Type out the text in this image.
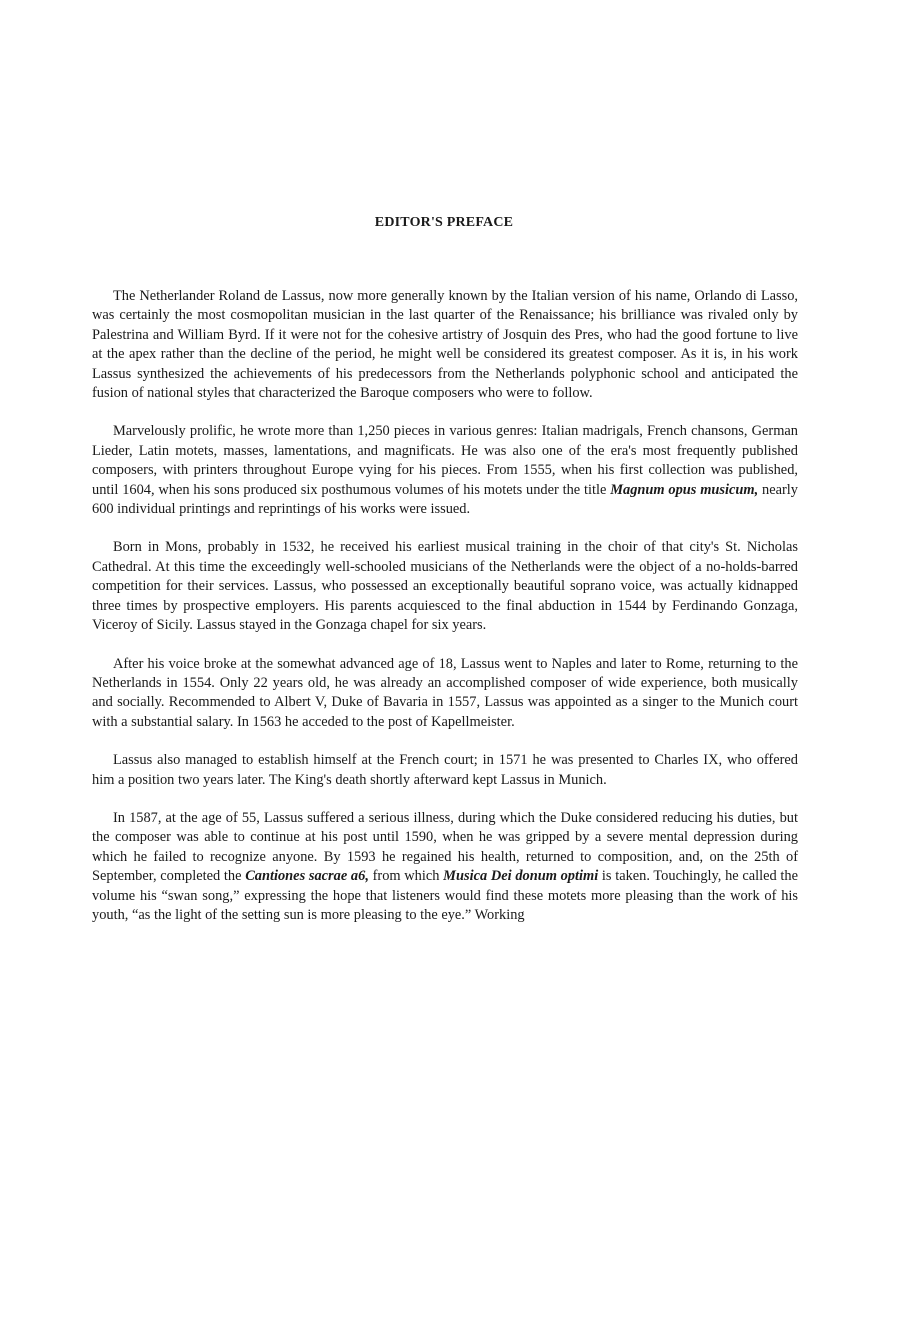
EDITOR'S PREFACE

The Netherlander Roland de Lassus, now more generally known by the Italian version of his name, Orlando di Lasso, was certainly the most cosmopolitan musician in the last quarter of the Renaissance; his brilliance was rivaled only by Palestrina and William Byrd. If it were not for the cohesive artistry of Josquin des Pres, who had the good fortune to live at the apex rather than the decline of the period, he might well be considered its greatest composer. As it is, in his work Lassus synthesized the achievements of his predecessors from the Netherlands polyphonic school and anticipated the fusion of national styles that characterized the Baroque composers who were to follow.

Marvelously prolific, he wrote more than 1,250 pieces in various genres: Italian madrigals, French chansons, German Lieder, Latin motets, masses, lamentations, and magnificats. He was also one of the era's most frequently published composers, with printers throughout Europe vying for his pieces. From 1555, when his first collection was published, until 1604, when his sons produced six posthumous volumes of his motets under the title Magnum opus musicum, nearly 600 individual printings and reprintings of his works were issued.

Born in Mons, probably in 1532, he received his earliest musical training in the choir of that city's St. Nicholas Cathedral. At this time the exceedingly well-schooled musicians of the Netherlands were the object of a no-holds-barred competition for their services. Lassus, who possessed an exceptionally beautiful soprano voice, was actually kidnapped three times by prospective employers. His parents acquiesced to the final abduction in 1544 by Ferdinando Gonzaga, Viceroy of Sicily. Lassus stayed in the Gonzaga chapel for six years.

After his voice broke at the somewhat advanced age of 18, Lassus went to Naples and later to Rome, returning to the Netherlands in 1554. Only 22 years old, he was already an accomplished composer of wide experience, both musically and socially. Recommended to Albert V, Duke of Bavaria in 1557, Lassus was appointed as a singer to the Munich court with a substantial salary. In 1563 he acceded to the post of Kapellmeister.

Lassus also managed to establish himself at the French court; in 1571 he was presented to Charles IX, who offered him a position two years later. The King's death shortly afterward kept Lassus in Munich.

In 1587, at the age of 55, Lassus suffered a serious illness, during which the Duke considered reducing his duties, but the composer was able to continue at his post until 1590, when he was gripped by a severe mental depression during which he failed to recognize anyone. By 1593 he regained his health, returned to composition, and, on the 25th of September, completed the Cantiones sacrae a6, from which Musica Dei donum optimi is taken. Touchingly, he called the volume his “swan song,” expressing the hope that listeners would find these motets more pleasing than the work of his youth, “as the light of the setting sun is more pleasing to the eye.” Working
